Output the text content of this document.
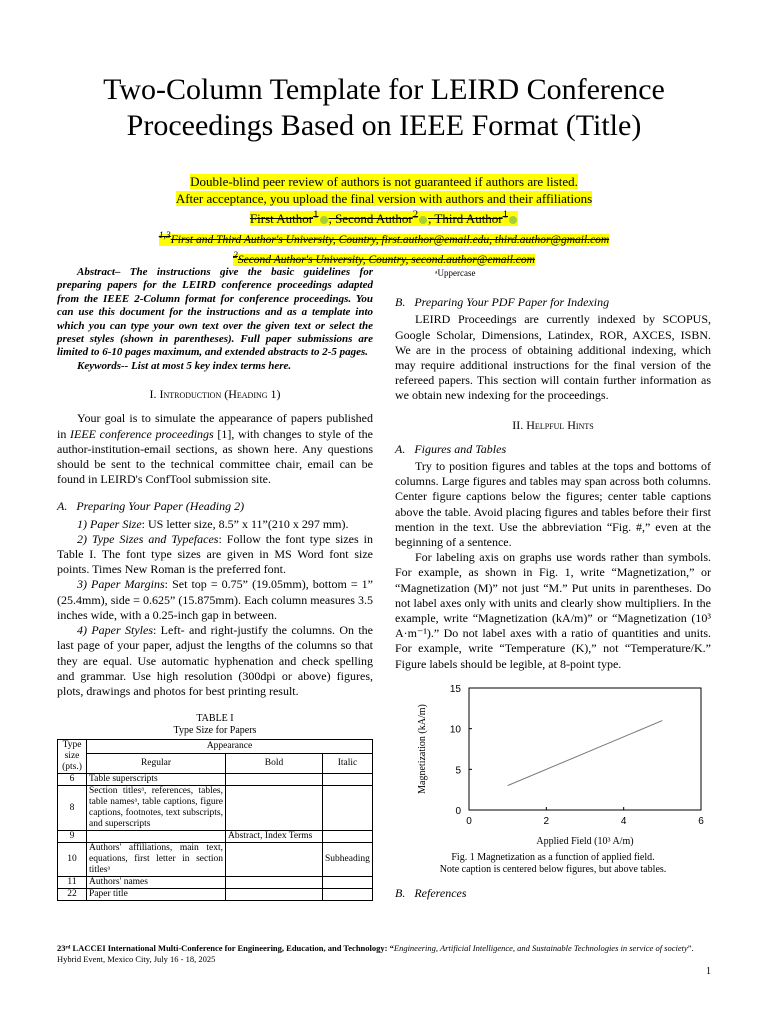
Two-Column Template for LEIRD Conference Proceedings Based on IEEE Format (Title)
Double-blind peer review of authors is not guaranteed if authors are listed.
After acceptance, you upload the final version with authors and their affiliations
First Author$^1$ , Second Author$^2$ , Third Author$^1$
$^{1,3}$First and Third Author's University, Country, first.author@email.edu, third.author@gmail.com
$^2$Second Author's University, Country, second.author@email.com

Abstract– The instructions give the basic guidelines for preparing papers for the LEIRD conference proceedings adapted from the IEEE 2-Column format for conference proceedings. You can use this document for the instructions and as a template into which you can type your own text over the given text or select the preset styles (shown in parentheses). Full paper submissions are limited to 6-10 pages maximum, and extended abstracts to 2-5 pages.

Keywords-- List at most 5 key index terms here.

I. Introduction (Heading 1)

Your goal is to simulate the appearance of papers published in IEEE conference proceedings [1], with changes to style of the author-institution-email sections, as shown here. Any questions should be sent to the technical committee chair, email can be found in LEIRD's ConfTool submission site.

A.   Preparing Your Paper (Heading 2)

1) Paper Size: US letter size, 8.5” x 11”(210 x 297 mm).

2) Type Sizes and Typefaces: Follow the font type sizes in Table I. The font type sizes are given in MS Word font size points. Times New Roman is the preferred font.

3) Paper Margins: Set top = 0.75” (19.05mm), bottom = 1” (25.4mm), side = 0.625” (15.875mm). Each column measures 3.5 inches wide, with a 0.25-inch gap in between.

4) Paper Styles: Left- and right-justify the columns. On the last page of your paper, adjust the lengths of the columns so that they are equal. Use automatic hyphenation and check spelling and grammar. Use high resolution (300dpi or above) figures, plots, drawings and photos for best printing result.

TABLE I
Type Size for Papers
Type size (pts.)	Appearance		
	Regular	Bold	Italic
6	Table superscripts		
8	Section titlesᵃ, references, tables, table namesᵃ, table captions, figure captions, footnotes, text subscripts, and superscripts		
9		Abstract, Index Terms	
10	Authors' affiliations, main text, equations, first letter in section titlesᵃ		Subheading
11	Authors' names		
22	Paper title		
ᵃUppercase
B.   Preparing Your PDF Paper for Indexing

LEIRD Proceedings are currently indexed by SCOPUS, Google Scholar, Dimensions, Latindex, ROR, AXCES, ISBN. We are in the process of obtaining additional indexing, which may require additional instructions for the final version of the refereed papers. This section will contain further information as we obtain new indexing for the proceedings.

II. Helpful Hints
A.   Figures and Tables

Try to position figures and tables at the tops and bottoms of columns. Large figures and tables may span across both columns. Center figure captions below the figures; center table captions above the table. Avoid placing figures and tables before their first mention in the text. Use the abbreviation “Fig. #,” even at the beginning of a sentence.

For labeling axis on graphs use words rather than symbols. For example, as shown in Fig. 1, write “Magnetization,” or “Magnetization (M)” not just “M.” Put units in parentheses. Do not label axes only with units and clearly show multipliers. In the example, write “Magnetization (kA/m)” or “Magnetization (10³ A·m⁻¹).” Do not label axes with a ratio of quantities and units. For example, write “Temperature (K),” not “Temperature/K.” Figure labels should be legible, at 8-point type.

0	2	4	6
0
5
10
15
Applied Field (10³ A/m)
Magnetization (kA/m)
Fig. 1 Magnetization as a function of applied field.
Note caption is centered below figures, but above tables.
B.   References
23ʳᵈ LACCEI International Multi-Conference for Engineering, Education, and Technology: “Engineering, Artificial Intelligence, and Sustainable Technologies in service of society”. Hybrid Event, Mexico City, July 16 - 18, 2025
1
